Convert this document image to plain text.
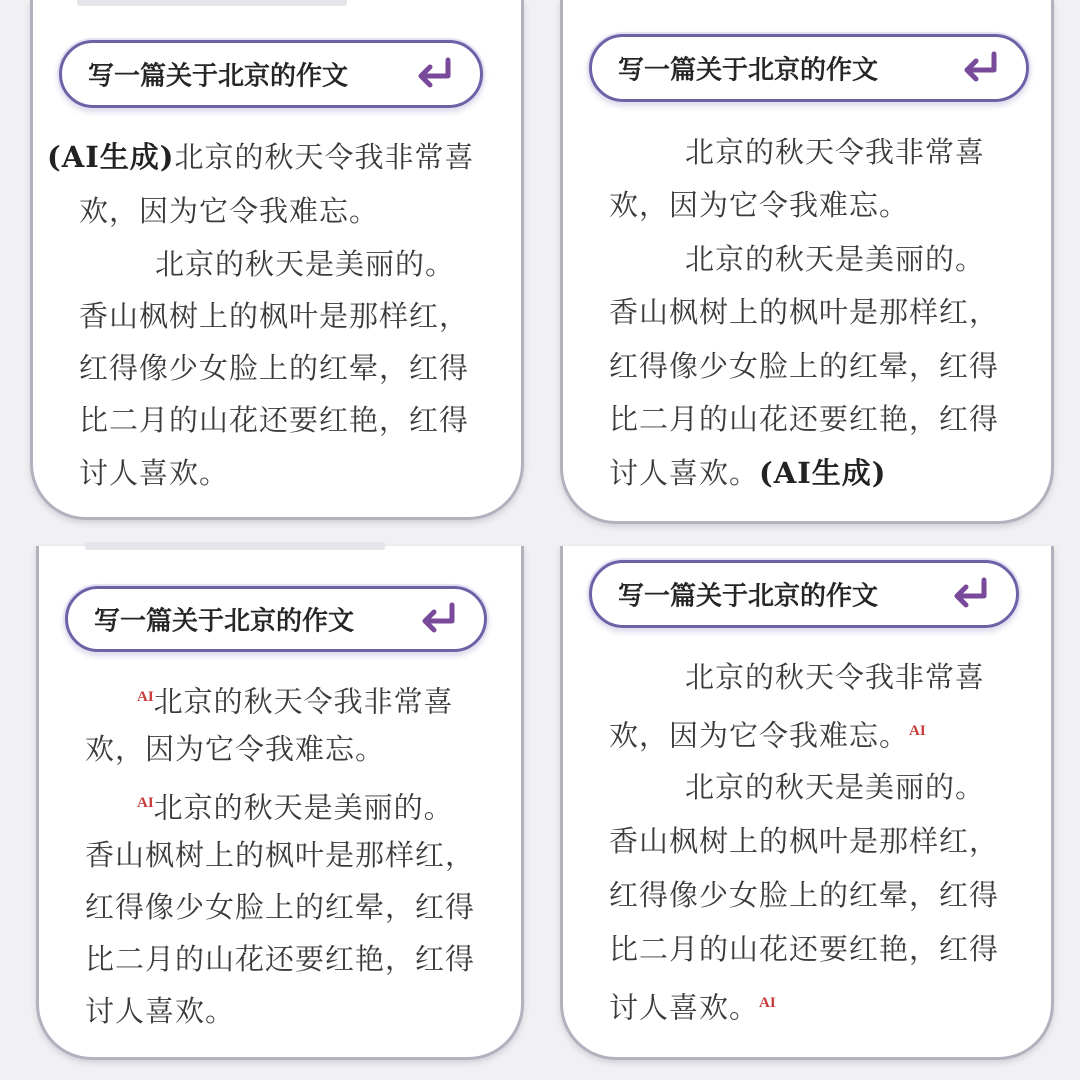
写一篇关于北京的作文
(AI生成)北京的秋天令我非常喜
欢，因为它令我难忘。
北京的秋天是美丽的。
香山枫树上的枫叶是那样红，
红得像少女脸上的红晕，红得
比二月的山花还要红艳，红得
讨人喜欢。
写一篇关于北京的作文
北京的秋天令我非常喜
欢，因为它令我难忘。
北京的秋天是美丽的。
香山枫树上的枫叶是那样红，
红得像少女脸上的红晕，红得
比二月的山花还要红艳，红得
讨人喜欢。(AI生成)
写一篇关于北京的作文
$^{AI}$北京的秋天令我非常喜
欢，因为它令我难忘。
$^{AI}$北京的秋天是美丽的。
香山枫树上的枫叶是那样红，
红得像少女脸上的红晕，红得
比二月的山花还要红艳，红得
讨人喜欢。
写一篇关于北京的作文
北京的秋天令我非常喜
欢，因为它令我难忘。$^{AI}$
北京的秋天是美丽的。
香山枫树上的枫叶是那样红，
红得像少女脸上的红晕，红得
比二月的山花还要红艳，红得
讨人喜欢。$^{AI}$
